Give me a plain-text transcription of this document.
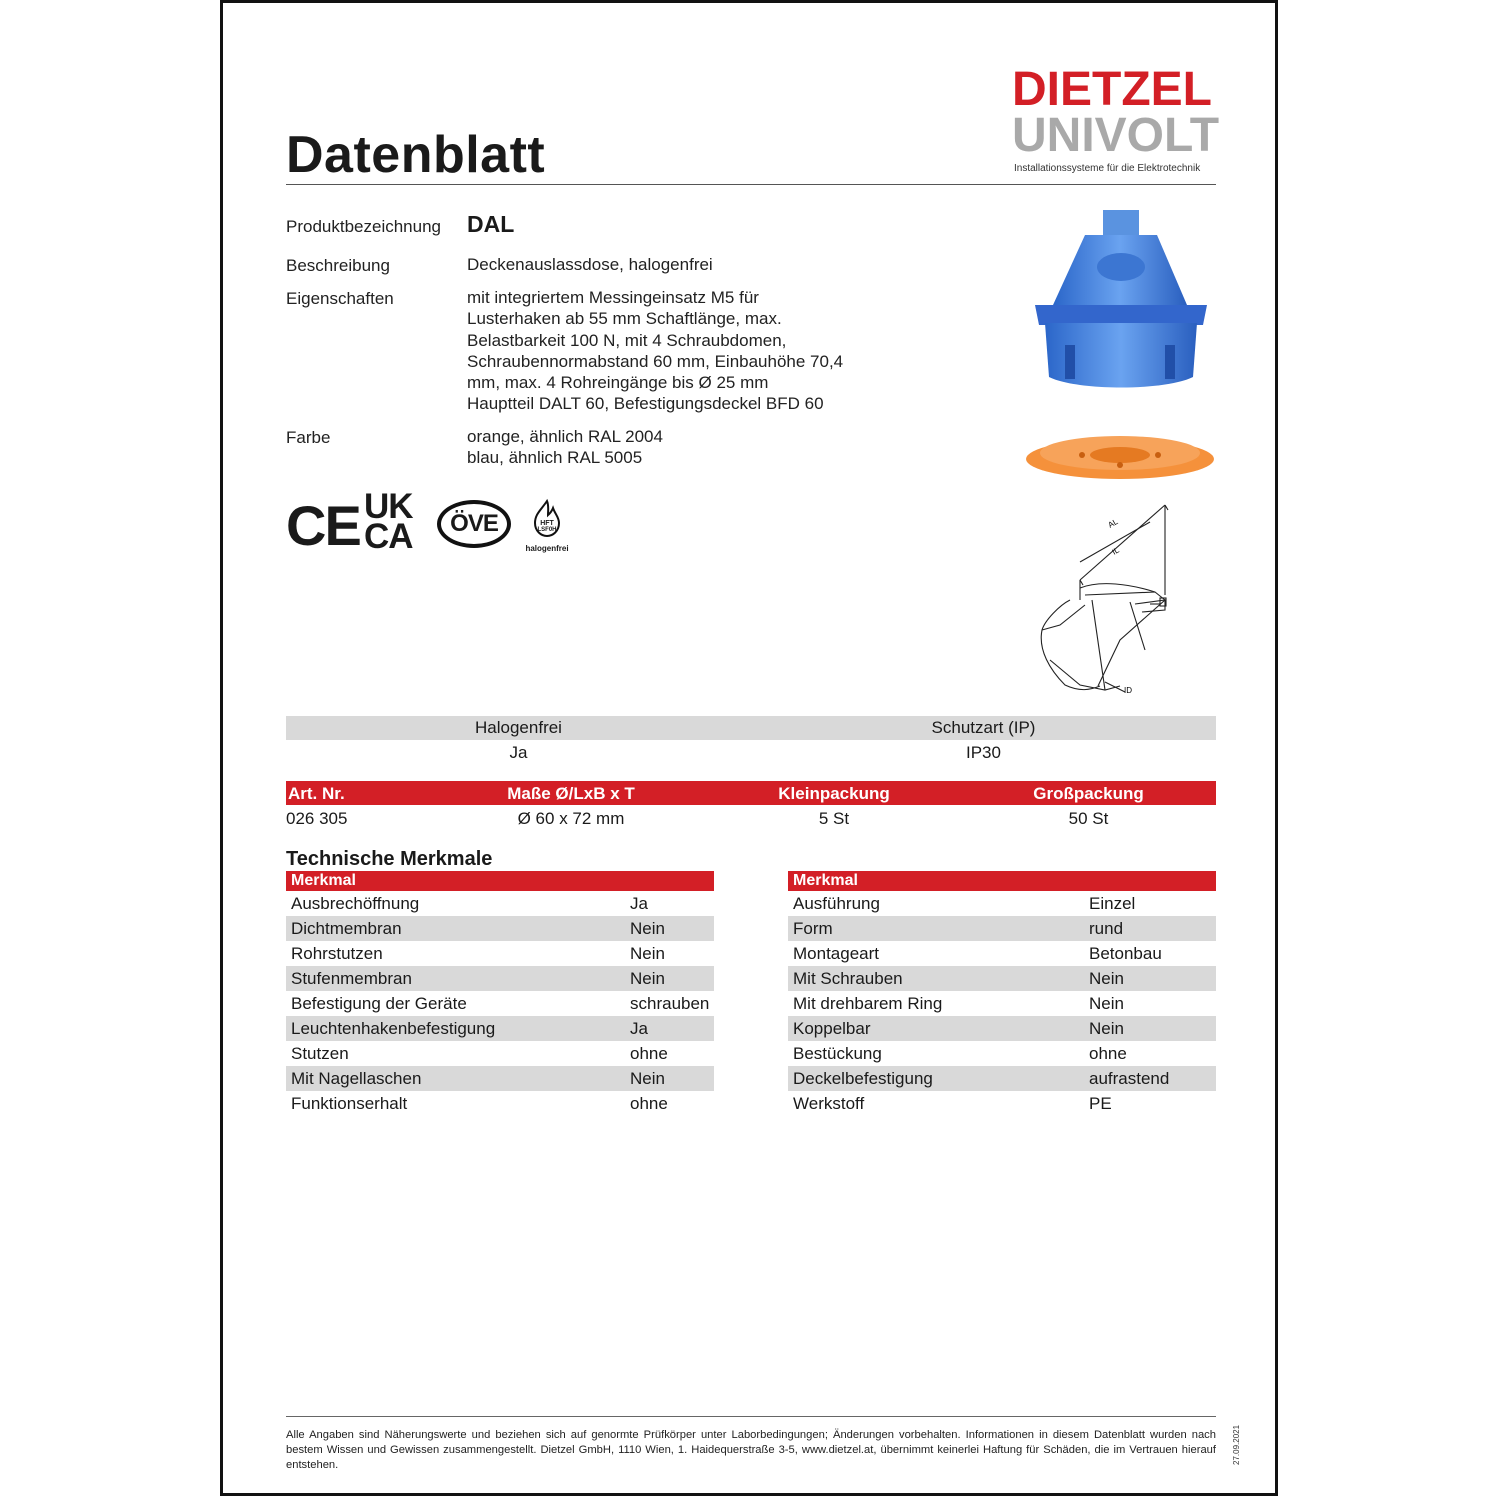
Datenblatt
DIETZEL
UNIVOLT
Installationssysteme für die Elektrotechnik
Produktbezeichnung DAL
Beschreibung	Deckenauslassdose, halogenfrei
Eigenschaften	mit integriertem Messingeinsatz M5 für
Lusterhaken ab 55 mm Schaftlänge, max.
Belastbarkeit 100 N, mit 4 Schraubdomen,
Schraubennormabstand 60 mm, Einbauhöhe 70,4
mm, max. 4 Rohreingänge bis Ø 25 mm
Hauptteil DALT 60, Befestigungsdeckel BFD 60
Farbe	orange, ähnlich RAL 2004
blau, ähnlich RAL 5005
CE UK
CA	ÖVE	HFT
LSF0H
halogenfrei
AL
IL
ID
Halogenfrei	Schutzart (IP)
Ja	IP30
Art. Nr.	Maße Ø/LxB x T	Kleinpackung	Großpackung
026 305	Ø 60 x 72 mm	5 St	50 St
Technische Merkmale
Merkmal
Ausbrechöffnung	Ja
Dichtmembran	Nein
Rohrstutzen	Nein
Stufenmembran	Nein
Befestigung der Geräte	schrauben
Leuchtenhakenbefestigung	Ja
Stutzen	ohne
Mit Nagellaschen	Nein
Funktionserhalt	ohne
Merkmal
Ausführung	Einzel
Form	rund
Montageart	Betonbau
Mit Schrauben	Nein
Mit drehbarem Ring	Nein
Koppelbar	Nein
Bestückung	ohne
Deckelbefestigung	aufrastend
Werkstoff	PE
Alle Angaben sind Näherungswerte und beziehen sich auf genormte Prüfkörper unter Laborbedingungen; Änderungen vorbehalten. Informationen in diesem Datenblatt wurden nach bestem Wissen und Gewissen zusammengestellt. Dietzel GmbH, 1110 Wien, 1. Haidequerstraße 3-5, www.dietzel.at, übernimmt keinerlei Haftung für Schäden, die im Vertrauen hierauf entstehen.	27.09.2021
